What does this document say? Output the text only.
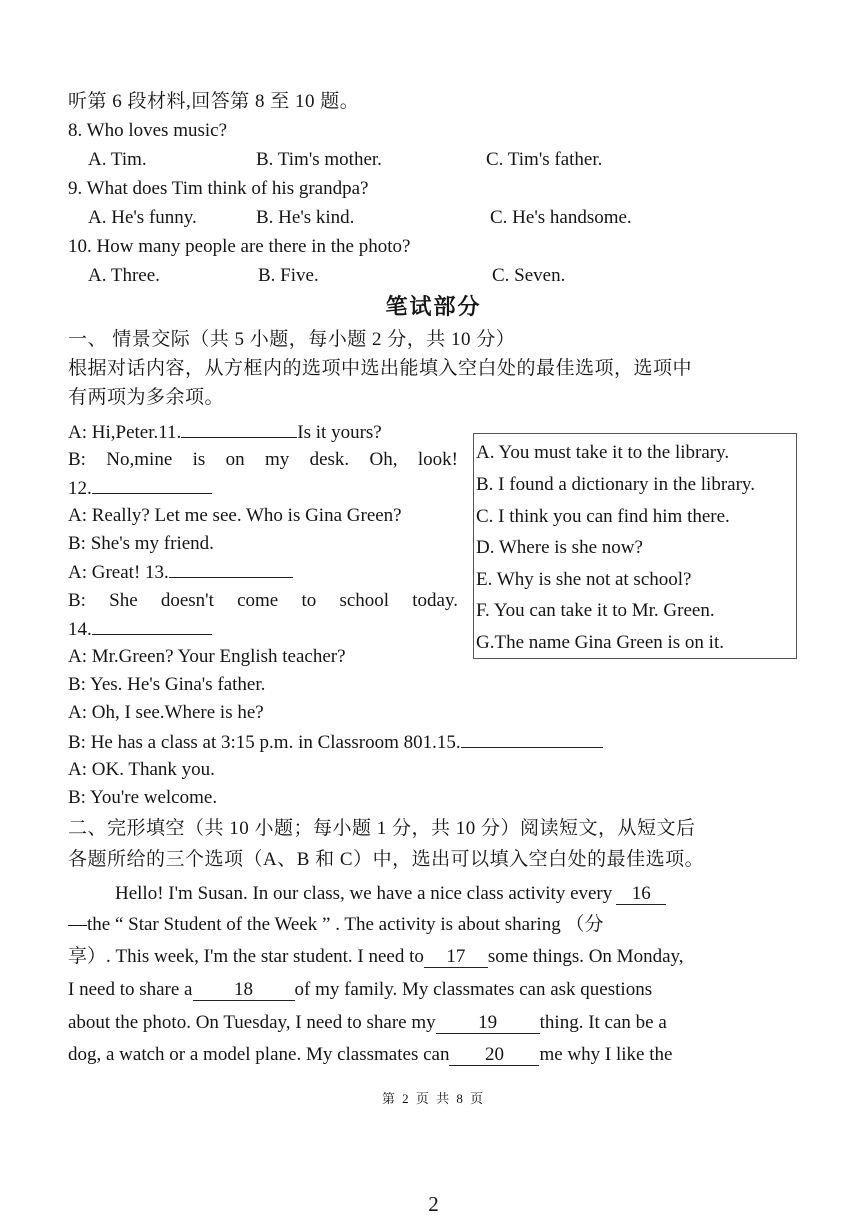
听第 6 段材料,回答第 8 至 10 题。
8. Who loves music?
A. Tim.	B. Tim's mother.	C. Tim's father.
9. What does Tim think of his grandpa?
A. He's funny.	B. He's kind.	C. He's handsome.
10. How many people are there in the photo?
A. Three.	B. Five.	C. Seven.
笔试部分
一、 情景交际（共 5 小题，每小题 2 分，共 10 分）
根据对话内容，从方框内的选项中选出能填入空白处的最佳选项，选项中
有两项为多余项。
A: Hi,Peter.11.	Is it yours?
B: No,mine is on my desk. Oh, look!
12.
A: Really? Let me see. Who is Gina Green?
B: She's my friend.
A: Great! 13.
B: She doesn't come to school today.
14.
A: Mr.Green? Your English teacher?
B: Yes. He's Gina's father.
A: Oh, I see.Where is he?
B: He has a class at 3:15 p.m. in Classroom 801.15.
A: OK. Thank you.
B: You're welcome.
A. You must take it to the library.
B. I found a dictionary in the library.
C. I think you can find him there.
D. Where is she now?
E. Why is she not at school?
F. You can take it to Mr. Green.
G.The name Gina Green is on it.
二、完形填空（共 10 小题；每小题 1 分，共 10 分）阅读短文，从短文后
各题所给的三个选项（A、B 和 C）中，选出可以填入空白处的最佳选项。
Hello! I'm Susan. In our class, we have a nice class activity every 16
—the “ Star Student of the Week ” . The activity is about sharing （分
享）. This week, I'm the star student. I need to 17 some things. On Monday,
I need to share a 18 of my family. My classmates can ask questions
about the photo. On Tuesday, I need to share my 19 thing. It can be a
dog, a watch or a model plane. My classmates can 20 me why I like the
第 2 页 共 8 页
2
